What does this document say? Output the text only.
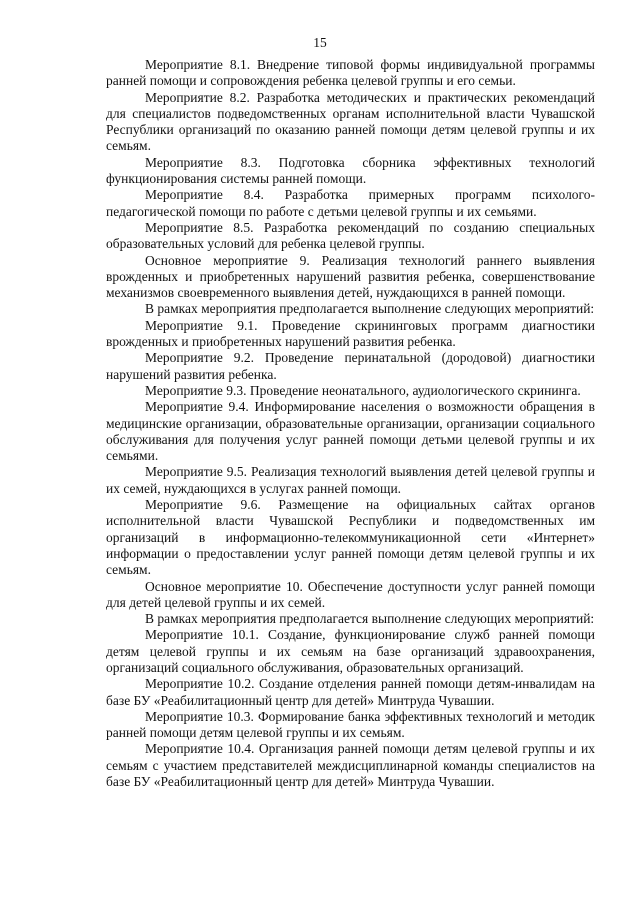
15

Мероприятие 8.1. Внедрение типовой формы индивидуальной программы ранней помощи и сопровождения ребенка целевой группы и его семьи.

Мероприятие 8.2. Разработка методических и практических рекомендаций для специалистов подведомственных органам исполнительной власти Чувашской Республики организаций по оказанию ранней помощи детям целевой группы и их семьям.

Мероприятие 8.3. Подготовка сборника эффективных технологий функционирования системы ранней помощи.

Мероприятие 8.4. Разработка примерных программ психолого-педагогической помощи по работе с детьми целевой группы и их семьями.

Мероприятие 8.5. Разработка рекомендаций по созданию специальных образовательных условий для ребенка целевой группы.

Основное мероприятие 9. Реализация технологий раннего выявления врожденных и приобретенных нарушений развития ребенка, совершенствование механизмов своевременного выявления детей, нуждающихся в ранней помощи.

В рамках мероприятия предполагается выполнение следующих мероприятий:

Мероприятие 9.1. Проведение скрининговых программ диагностики врожденных и приобретенных нарушений развития ребенка.

Мероприятие 9.2. Проведение перинатальной (дородовой) диагностики нарушений развития ребенка.

Мероприятие 9.3. Проведение неонатального, аудиологического скрининга.

Мероприятие 9.4. Информирование населения о возможности обращения в медицинские организации, образовательные организации, организации социального обслуживания для получения услуг ранней помощи детьми целевой группы и их семьями.

Мероприятие 9.5. Реализация технологий выявления детей целевой группы и их семей, нуждающихся в услугах ранней помощи.

Мероприятие 9.6. Размещение на официальных сайтах органов исполнительной власти Чувашской Республики и подведомственных им организаций в информационно-телекоммуникационной сети «Интернет» информации о предоставлении услуг ранней помощи детям целевой группы и их семьям.

Основное мероприятие 10. Обеспечение доступности услуг ранней помощи для детей целевой группы и их семей.

В рамках мероприятия предполагается выполнение следующих мероприятий:

Мероприятие 10.1. Создание, функционирование служб ранней помощи детям целевой группы и их семьям на базе организаций здравоохранения, организаций социального обслуживания, образовательных организаций.

Мероприятие 10.2. Создание отделения ранней помощи детям-инвалидам на базе БУ «Реабилитационный центр для детей» Минтруда Чувашии.

Мероприятие 10.3. Формирование банка эффективных технологий и методик ранней помощи детям целевой группы и их семьям.

Мероприятие 10.4. Организация ранней помощи детям целевой группы и их семьям с участием представителей междисциплинарной команды специалистов на базе БУ «Реабилитационный центр для детей» Минтруда Чувашии.
